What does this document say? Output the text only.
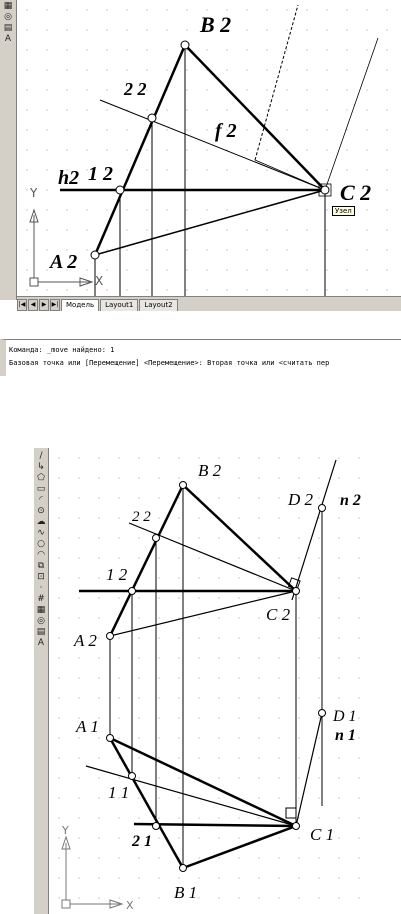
▦
◎
▤
A
B 2
2 2
f 2
h2 1 2
C 2
A 2
Y
X
Узел
|◀ ◀	▶ ▶|	Модель	Layout1	Layout2
Команда: _move найдено: 1
Базовая точка или [Перемещение] <Перемещение>: Вторая точка или <считать пер
/
↳
⬠
▭
◜
⊙
☁
∿
○
◠
⧉
⊡
·
#
▦
◎
▤
A
B 2
2 2
D 2 n 2
1 2
C 2
A 2
A 1
D 1
n 1
1 1
2 1	C 1
B 1
Y
X
